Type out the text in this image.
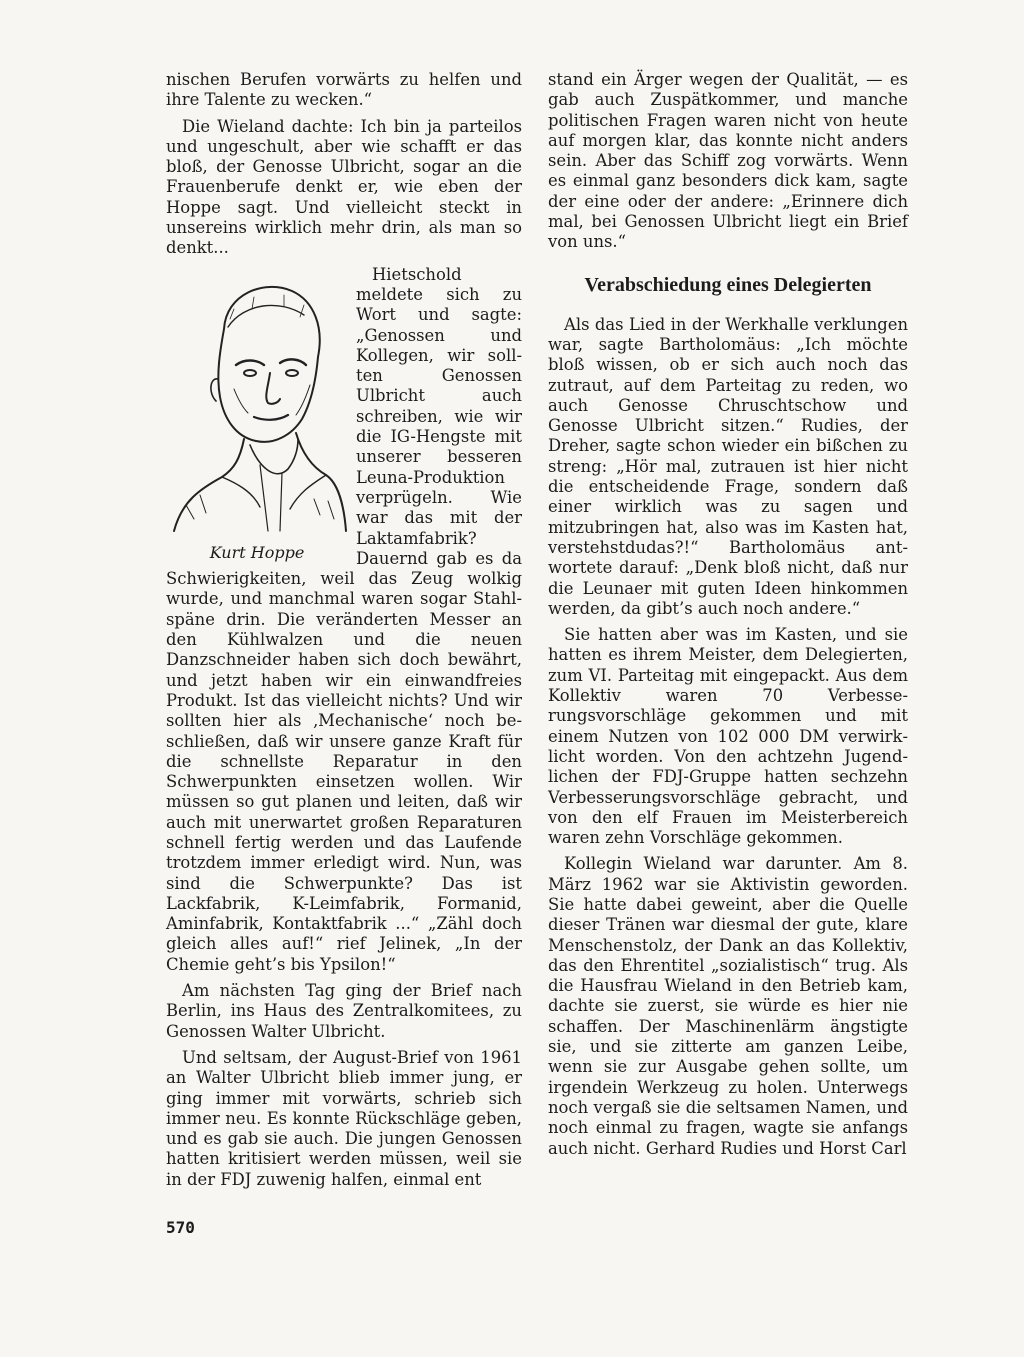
nischen Berufen vorwärts zu helfen und ihre Talente zu wecken.“

Die Wieland dachte: Ich bin ja parteilos und ungeschult, aber wie schafft er das bloß, der Genosse Ulbricht, sogar an die Frauenberufe denkt er, wie eben der Hoppe sagt. Und vielleicht steckt in unsereins wirklich mehr drin, als man so denkt...

Kurt Hoppe

Hietschold meldete sich zu Wort und sagte: „Genossen und Kollegen, wir sollten Genossen Ulbricht auch schreiben, wie wir die IG-Hengste mit unserer besseren Leuna-Produktion verprügeln. Wie war das mit der Laktamfabrik? Dauernd gab es da Schwierigkeiten, weil das Zeug wolkig wurde, und manchmal waren sogar Stahlspäne drin. Die veränderten Messer an den Kühlwalzen und die neuen Danzschneider haben sich doch bewährt, und jetzt haben wir ein einwandfreies Produkt. Ist das vielleicht nichts? Und wir sollten hier als ‚Mechanische‘ noch beschließen, daß wir unsere ganze Kraft für die schnellste Reparatur in den Schwerpunkten einsetzen wollen. Wir müssen so gut planen und leiten, daß wir auch mit unerwartet großen Reparaturen schnell fertig werden und das Laufende trotzdem immer erledigt wird. Nun, was sind die Schwerpunkte? Das ist Lackfabrik, K-Leimfabrik, Formanid, Aminfabrik, Kontaktfabrik ...“ „Zähl doch gleich alles auf!“ rief Jelinek, „In der Chemie geht’s bis Ypsilon!“

Am nächsten Tag ging der Brief nach Berlin, ins Haus des Zentralkomitees, zu Genossen Walter Ulbricht.

Und seltsam, der August-Brief von 1961 an Walter Ulbricht blieb immer jung, er ging immer mit vorwärts, schrieb sich immer neu. Es konnte Rückschläge geben, und es gab sie auch. Die jungen Genossen hatten kritisiert werden müssen, weil sie in der FDJ zuwenig halfen, einmal ent

stand ein Ärger wegen der Qualität, — es gab auch Zuspätkommer, und manche politischen Fragen waren nicht von heute auf morgen klar, das konnte nicht anders sein. Aber das Schiff zog vorwärts. Wenn es einmal ganz besonders dick kam, sagte der eine oder der andere: „Erinnere dich mal, bei Genossen Ulbricht liegt ein Brief von uns.“

Verabschiedung eines Delegierten

Als das Lied in der Werkhalle verklungen war, sagte Bartholomäus: „Ich möchte bloß wissen, ob er sich auch noch das zutraut, auf dem Parteitag zu reden, wo auch Genosse Chruschtschow und Genosse Ulbricht sitzen.“ Rudies, der Dreher, sagte schon wieder ein bißchen zu streng: „Hör mal, zutrauen ist hier nicht die entscheidende Frage, sondern daß einer wirklich was zu sagen und mitzubringen hat, also was im Kasten hat, verstehstdudas?!“ Bartholomäus antwortete darauf: „Denk bloß nicht, daß nur die Leunaer mit guten Ideen hinkommen werden, da gibt’s auch noch andere.“

Sie hatten aber was im Kasten, und sie hatten es ihrem Meister, dem Delegierten, zum VI. Parteitag mit eingepackt. Aus dem Kollektiv waren 70 Verbesserungsvorschläge gekommen und mit einem Nutzen von 102 000 DM verwirklicht worden. Von den achtzehn Jugendlichen der FDJ-Gruppe hatten sechzehn Verbesserungsvorschläge gebracht, und von den elf Frauen im Meisterbereich waren zehn Vorschläge gekommen.

Kollegin Wieland war darunter. Am 8. März 1962 war sie Aktivistin geworden. Sie hatte dabei geweint, aber die Quelle dieser Tränen war diesmal der gute, klare Menschenstolz, der Dank an das Kollektiv, das den Ehrentitel „sozialistisch“ trug. Als die Hausfrau Wieland in den Betrieb kam, dachte sie zuerst, sie würde es hier nie schaffen. Der Maschinenlärm ängstigte sie, und sie zitterte am ganzen Leibe, wenn sie zur Ausgabe gehen sollte, um irgendein Werkzeug zu holen. Unterwegs noch vergaß sie die seltsamen Namen, und noch einmal zu fragen, wagte sie anfangs auch nicht. Gerhard Rudies und Horst Carl

570
